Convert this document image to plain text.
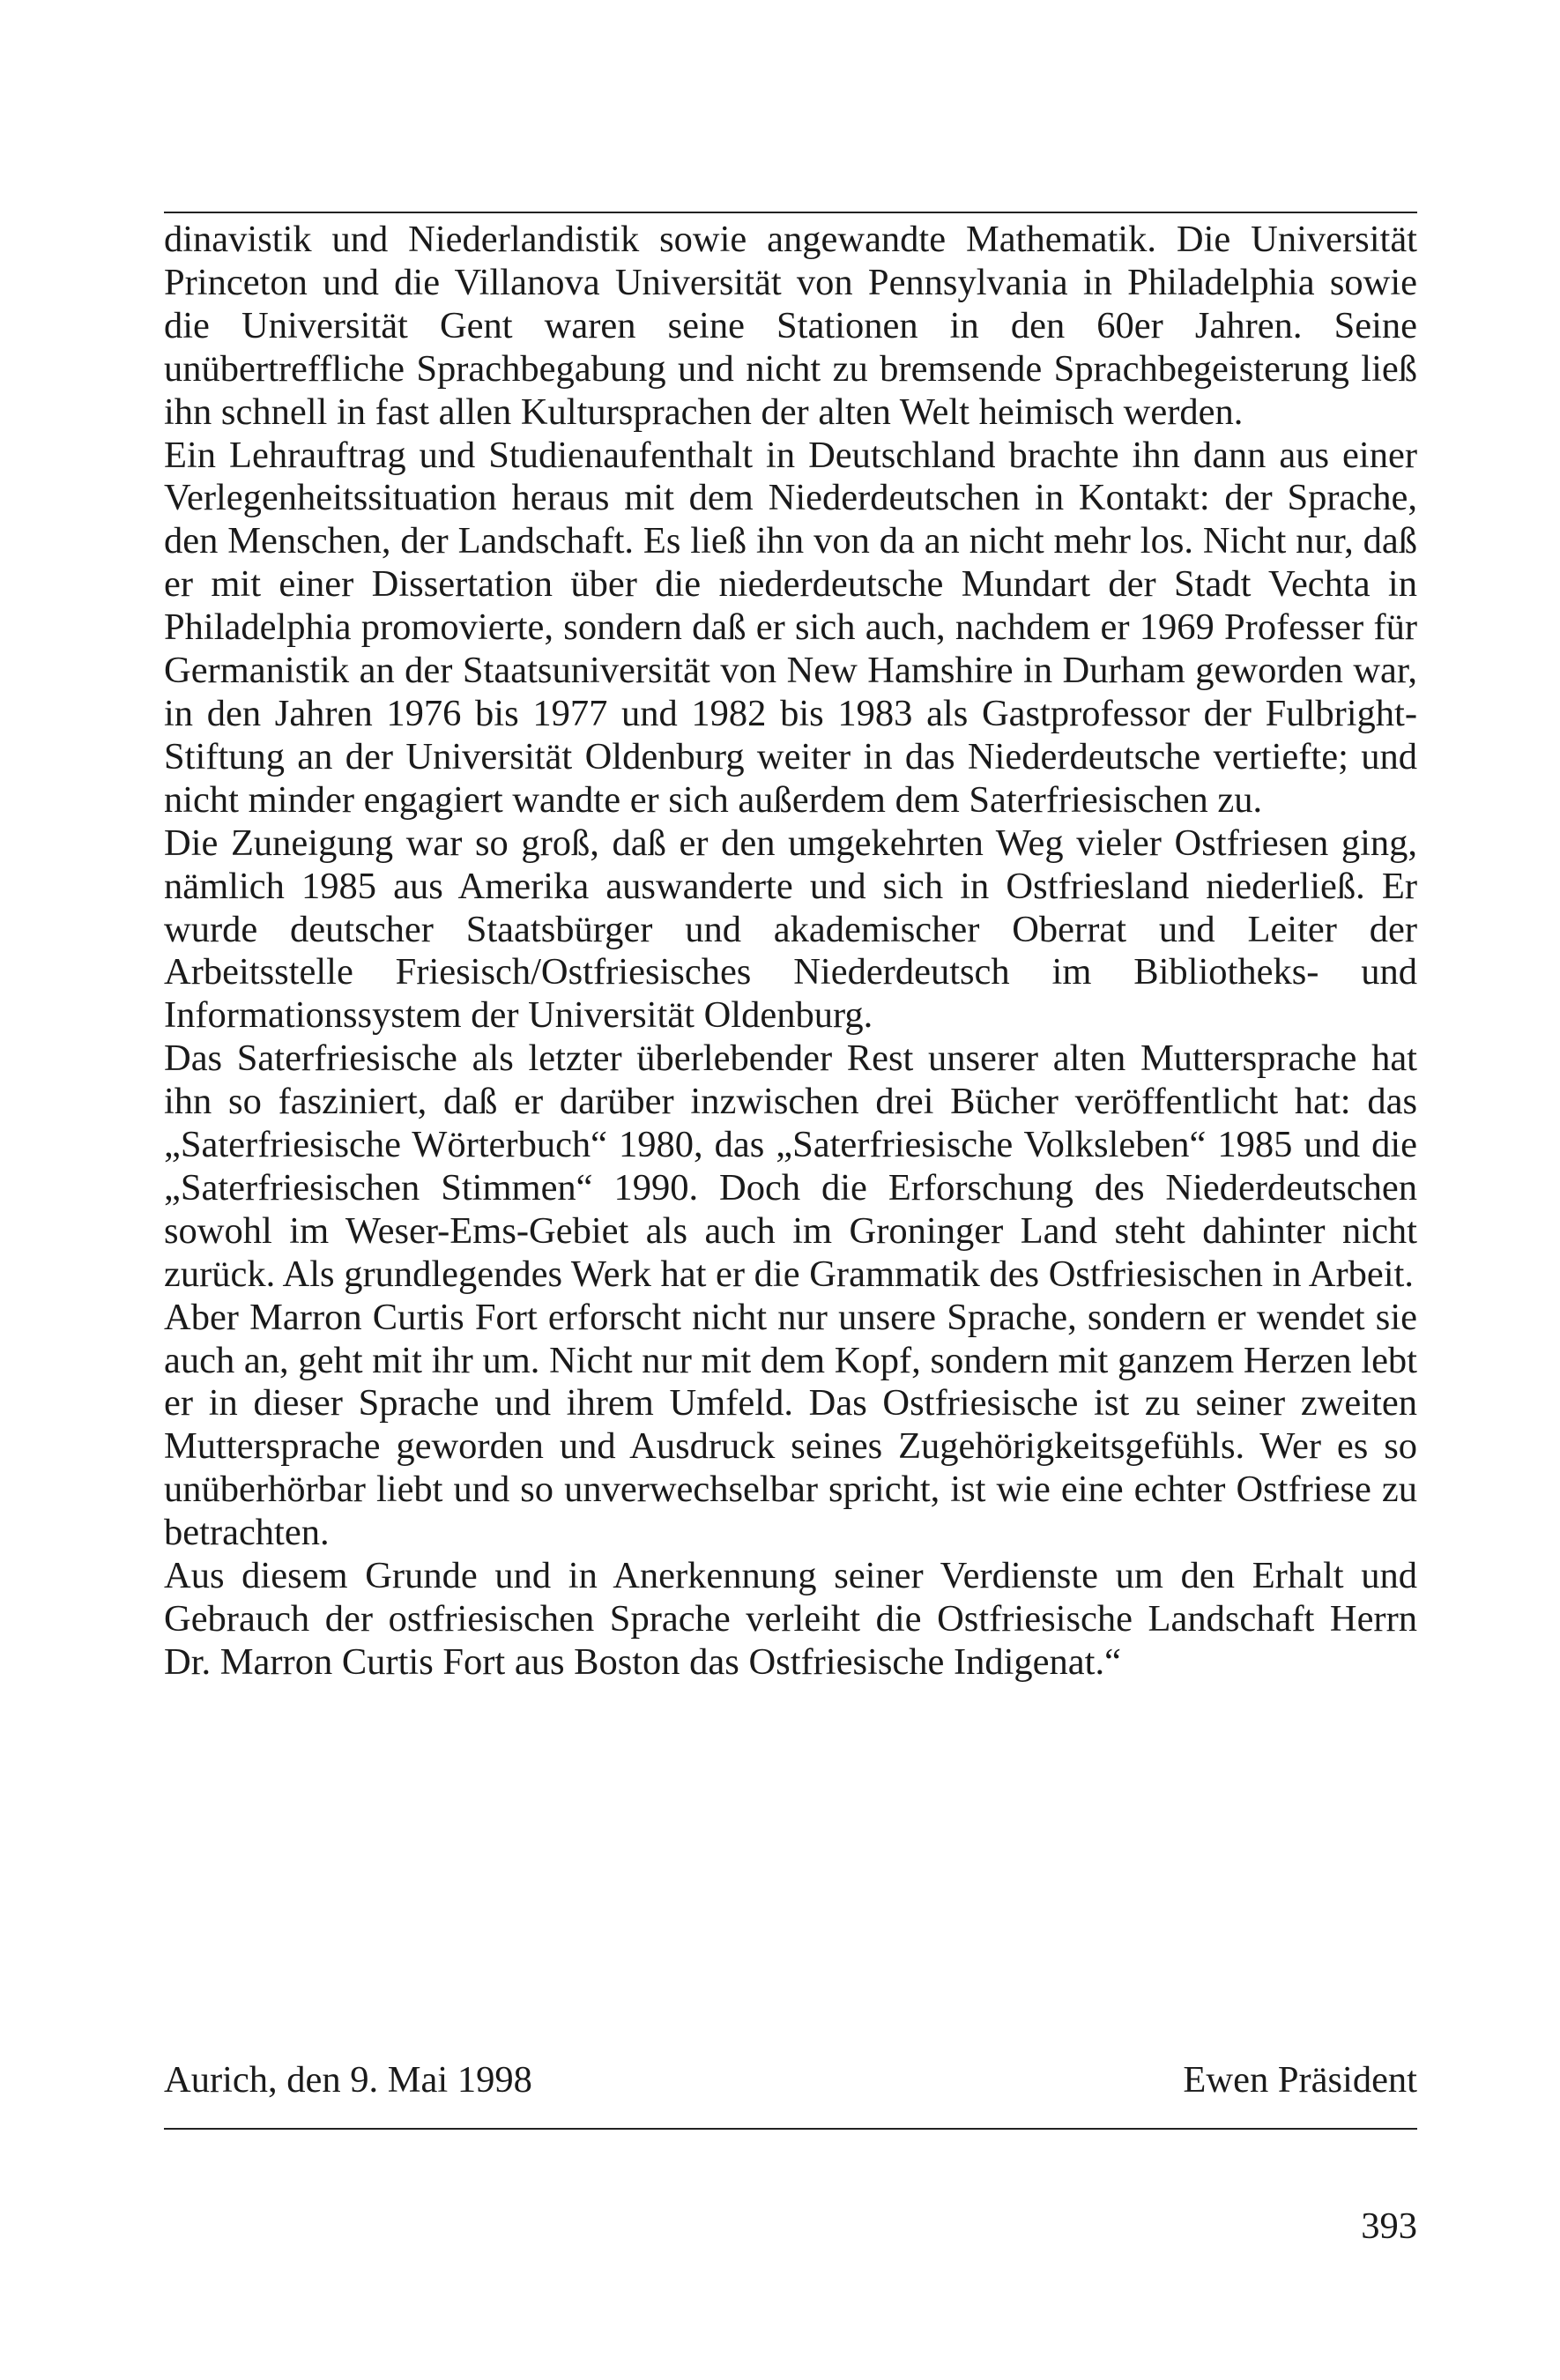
dinavistik und Niederlandistik sowie angewandte Mathematik. Die Universität Princeton und die Villanova Universität von Pennsylvania in Philadelphia sowie die Universität Gent waren seine Stationen in den 60er Jahren. Seine unübertreffliche Sprachbegabung und nicht zu bremsende Sprachbegeisterung ließ ihn schnell in fast allen Kultursprachen der alten Welt heimisch werden.

Ein Lehrauftrag und Studienaufenthalt in Deutschland brachte ihn dann aus einer Verlegenheitssituation heraus mit dem Niederdeutschen in Kontakt: der Sprache, den Menschen, der Landschaft. Es ließ ihn von da an nicht mehr los. Nicht nur, daß er mit einer Dissertation über die niederdeutsche Mundart der Stadt Vechta in Philadelphia promovierte, sondern daß er sich auch, nachdem er 1969 Professer für Germanistik an der Staatsuniversität von New Hamshire in Durham geworden war, in den Jahren 1976 bis 1977 und 1982 bis 1983 als Gastprofessor der Fulbright-Stiftung an der Universität Oldenburg weiter in das Niederdeutsche vertiefte; und nicht minder engagiert wandte er sich außerdem dem Saterfriesischen zu.

Die Zuneigung war so groß, daß er den umgekehrten Weg vieler Ostfriesen ging, nämlich 1985 aus Amerika auswanderte und sich in Ostfriesland niederließ. Er wurde deutscher Staatsbürger und akademischer Oberrat und Leiter der Arbeitsstelle Friesisch/Ostfriesisches Niederdeutsch im Bibliotheks- und Informationssystem der Universität Oldenburg.

Das Saterfriesische als letzter überlebender Rest unserer alten Muttersprache hat ihn so fasziniert, daß er darüber inzwischen drei Bücher veröffentlicht hat: das „Saterfriesische Wörterbuch“ 1980, das „Saterfriesische Volksleben“ 1985 und die „Saterfriesischen Stimmen“ 1990. Doch die Erforschung des Niederdeutschen sowohl im Weser-Ems-Gebiet als auch im Groninger Land steht dahinter nicht zurück. Als grundlegendes Werk hat er die Grammatik des Ostfriesischen in Arbeit.

Aber Marron Curtis Fort erforscht nicht nur unsere Sprache, sondern er wendet sie auch an, geht mit ihr um. Nicht nur mit dem Kopf, sondern mit ganzem Herzen lebt er in dieser Sprache und ihrem Umfeld. Das Ostfriesische ist zu seiner zweiten Muttersprache geworden und Ausdruck seines Zugehörigkeitsgefühls. Wer es so unüberhörbar liebt und so unverwechselbar spricht, ist wie eine echter Ostfriese zu betrachten.

Aus diesem Grunde und in Anerkennung seiner Verdienste um den Erhalt und Gebrauch der ostfriesischen Sprache verleiht die Ostfriesische Landschaft Herrn Dr. Marron Curtis Fort aus Boston das Ostfriesische Indigenat.“

Aurich, den 9. Mai 1998	Ewen Präsident
393
